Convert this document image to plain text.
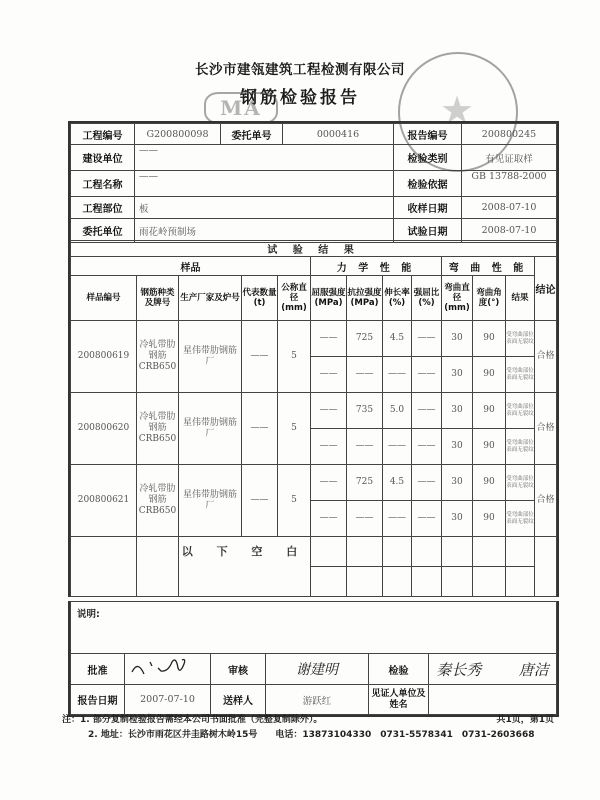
长沙市建瓴建筑工程检测有限公司
钢筋检验报告	★
MA
工程编号	G200800098	委托单号	0000416	报告编号	200800245
建设单位	——			检验类别	有见证取样
工程名称	——			检验依据	GB 13788-2000
工程部位	板			收样日期	2008-07-10
委托单位	雨花岭预制场			试验日期	2008-07-10
试 验 结 果												
样品					力 学 性 能				弯 曲 性 能			结论
样品编号	钢筋种类及牌号	生产厂家及炉号	代表数量(t)	公称直径(mm)	屈服强度(MPa)	抗拉强度(MPa)	伸长率(%)	强屈比(%)	弯曲直径(mm)	弯曲角度(°)	结果	
200800619	冷轧带肋钢筋CRB650	星伟带肋钢筋厂	——	5	——	725	4.5	——	30	90	受弯曲部位表面无裂纹	合格
					——	——	——	——	30	90	受弯曲部位表面无裂纹	
200800620	冷轧带肋钢筋CRB650	星伟带肋钢筋厂	——	5	——	735	5.0	——	30	90	受弯曲部位表面无裂纹	合格
					——	——	——	——	30	90	受弯曲部位表面无裂纹	
200800621	冷轧带肋钢筋CRB650	星伟带肋钢筋厂	——	5	——	725	4.5	——	30	90	受弯曲部位表面无裂纹	合格
					——	——	——	——	30	90	受弯曲部位表面无裂纹	
		以 下 空 白										

说明:					
批准		审核	谢建明	检验	秦长秀 唐洁
报告日期	2007-07-10	送样人	游跃红	见证人单位及姓名	
注：1. 部分复制检验报告需经本公司书面批准（完整复制除外）。	共1页，第1页
2. 地址：长沙市雨花区井圭路树木岭15号　　电话：13873104330　0731-5578341　0731-2603668
